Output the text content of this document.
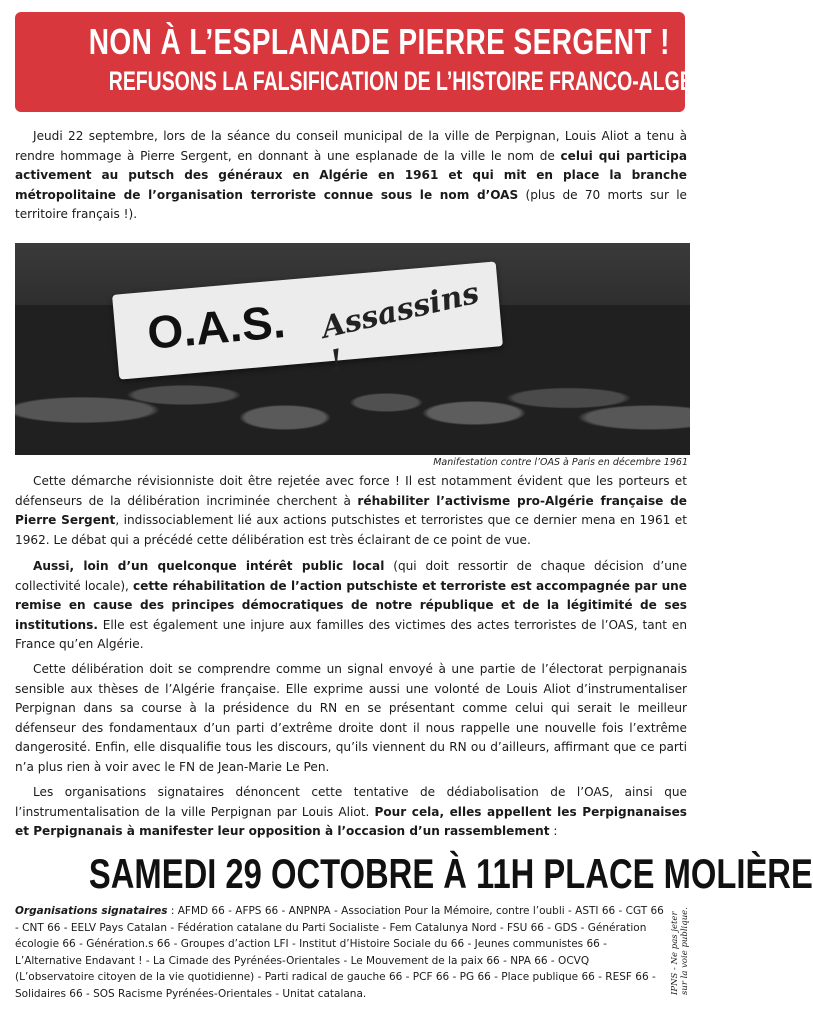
NON À L’ESPLANADE PIERRE SERGENT !
REFUSONS LA FALSIFICATION DE L’HISTOIRE FRANCO-ALGÉRIENNE !

Jeudi 22 septembre, lors de la séance du conseil municipal de la ville de Perpignan, Louis Aliot a tenu à rendre hommage à Pierre Sergent, en donnant à une esplanade de la ville le nom de celui qui participa activement au putsch des généraux en Algérie en 1961 et qui mit en place la branche métropolitaine de l’organisation terroriste connue sous le nom d’OAS (plus de 70 morts sur le territoire français !).

O.A.S. Assassins !

Manifestation contre l’OAS à Paris en décembre 1961

Cette démarche révisionniste doit être rejetée avec force ! Il est notamment évident que les porteurs et défenseurs de la délibération incriminée cherchent à réhabiliter l’activisme pro-Algérie française de Pierre Sergent, indissociablement lié aux actions putschistes et terroristes que ce dernier mena en 1961 et 1962. Le débat qui a précédé cette délibération est très éclairant de ce point de vue.

Aussi, loin d’un quelconque intérêt public local (qui doit ressortir de chaque décision d’une collectivité locale), cette réhabilitation de l’action putschiste et terroriste est accompagnée par une remise en cause des principes démocratiques de notre république et de la légitimité de ses institutions. Elle est également une injure aux familles des victimes des actes terroristes de l’OAS, tant en France qu’en Algérie.

Cette délibération doit se comprendre comme un signal envoyé à une partie de l’électorat perpignanais sensible aux thèses de l’Algérie française. Elle exprime aussi une volonté de Louis Aliot d’instrumentaliser Perpignan dans sa course à la présidence du RN en se présentant comme celui qui serait le meilleur défenseur des fondamentaux d’un parti d’extrême droite dont il nous rappelle une nouvelle fois l’extrême dangerosité. Enfin, elle disqualifie tous les discours, qu’ils viennent du RN ou d’ailleurs, affirmant que ce parti n’a plus rien à voir avec le FN de Jean-Marie Le Pen.

Les organisations signataires dénoncent cette tentative de dédiabolisation de l’OAS, ainsi que l’instrumentalisation de la ville Perpignan par Louis Aliot. Pour cela, elles appellent les Perpignanaises et Perpignanais à manifester leur opposition à l’occasion d’un rassemblement :

SAMEDI 29 OCTOBRE À 11H PLACE MOLIÈRE

Organisations signataires : AFMD 66 - AFPS 66 - ANPNPA - Association Pour la Mémoire, contre l’oubli - ASTI 66 - CGT 66 - CNT 66 - EELV Pays Catalan - Fédération catalane du Parti Socialiste - Fem Catalunya Nord - FSU 66 - GDS - Génération écologie 66 - Génération.s 66 - Groupes d’action LFI - Institut d’Histoire Sociale du 66 - Jeunes communistes 66 - L’Alternative Endavant ! - La Cimade des Pyrénées-Orientales - Le Mouvement de la paix 66 - NPA 66 - OCVQ (L’observatoire citoyen de la vie quotidienne) - Parti radical de gauche 66 - PCF 66 - PG 66 - Place publique 66 - RESF 66 - Solidaires 66 - SOS Racisme Pyrénées-Orientales - Unitat catalana.	IPNS - Ne pas jeter
sur la voie publique.
